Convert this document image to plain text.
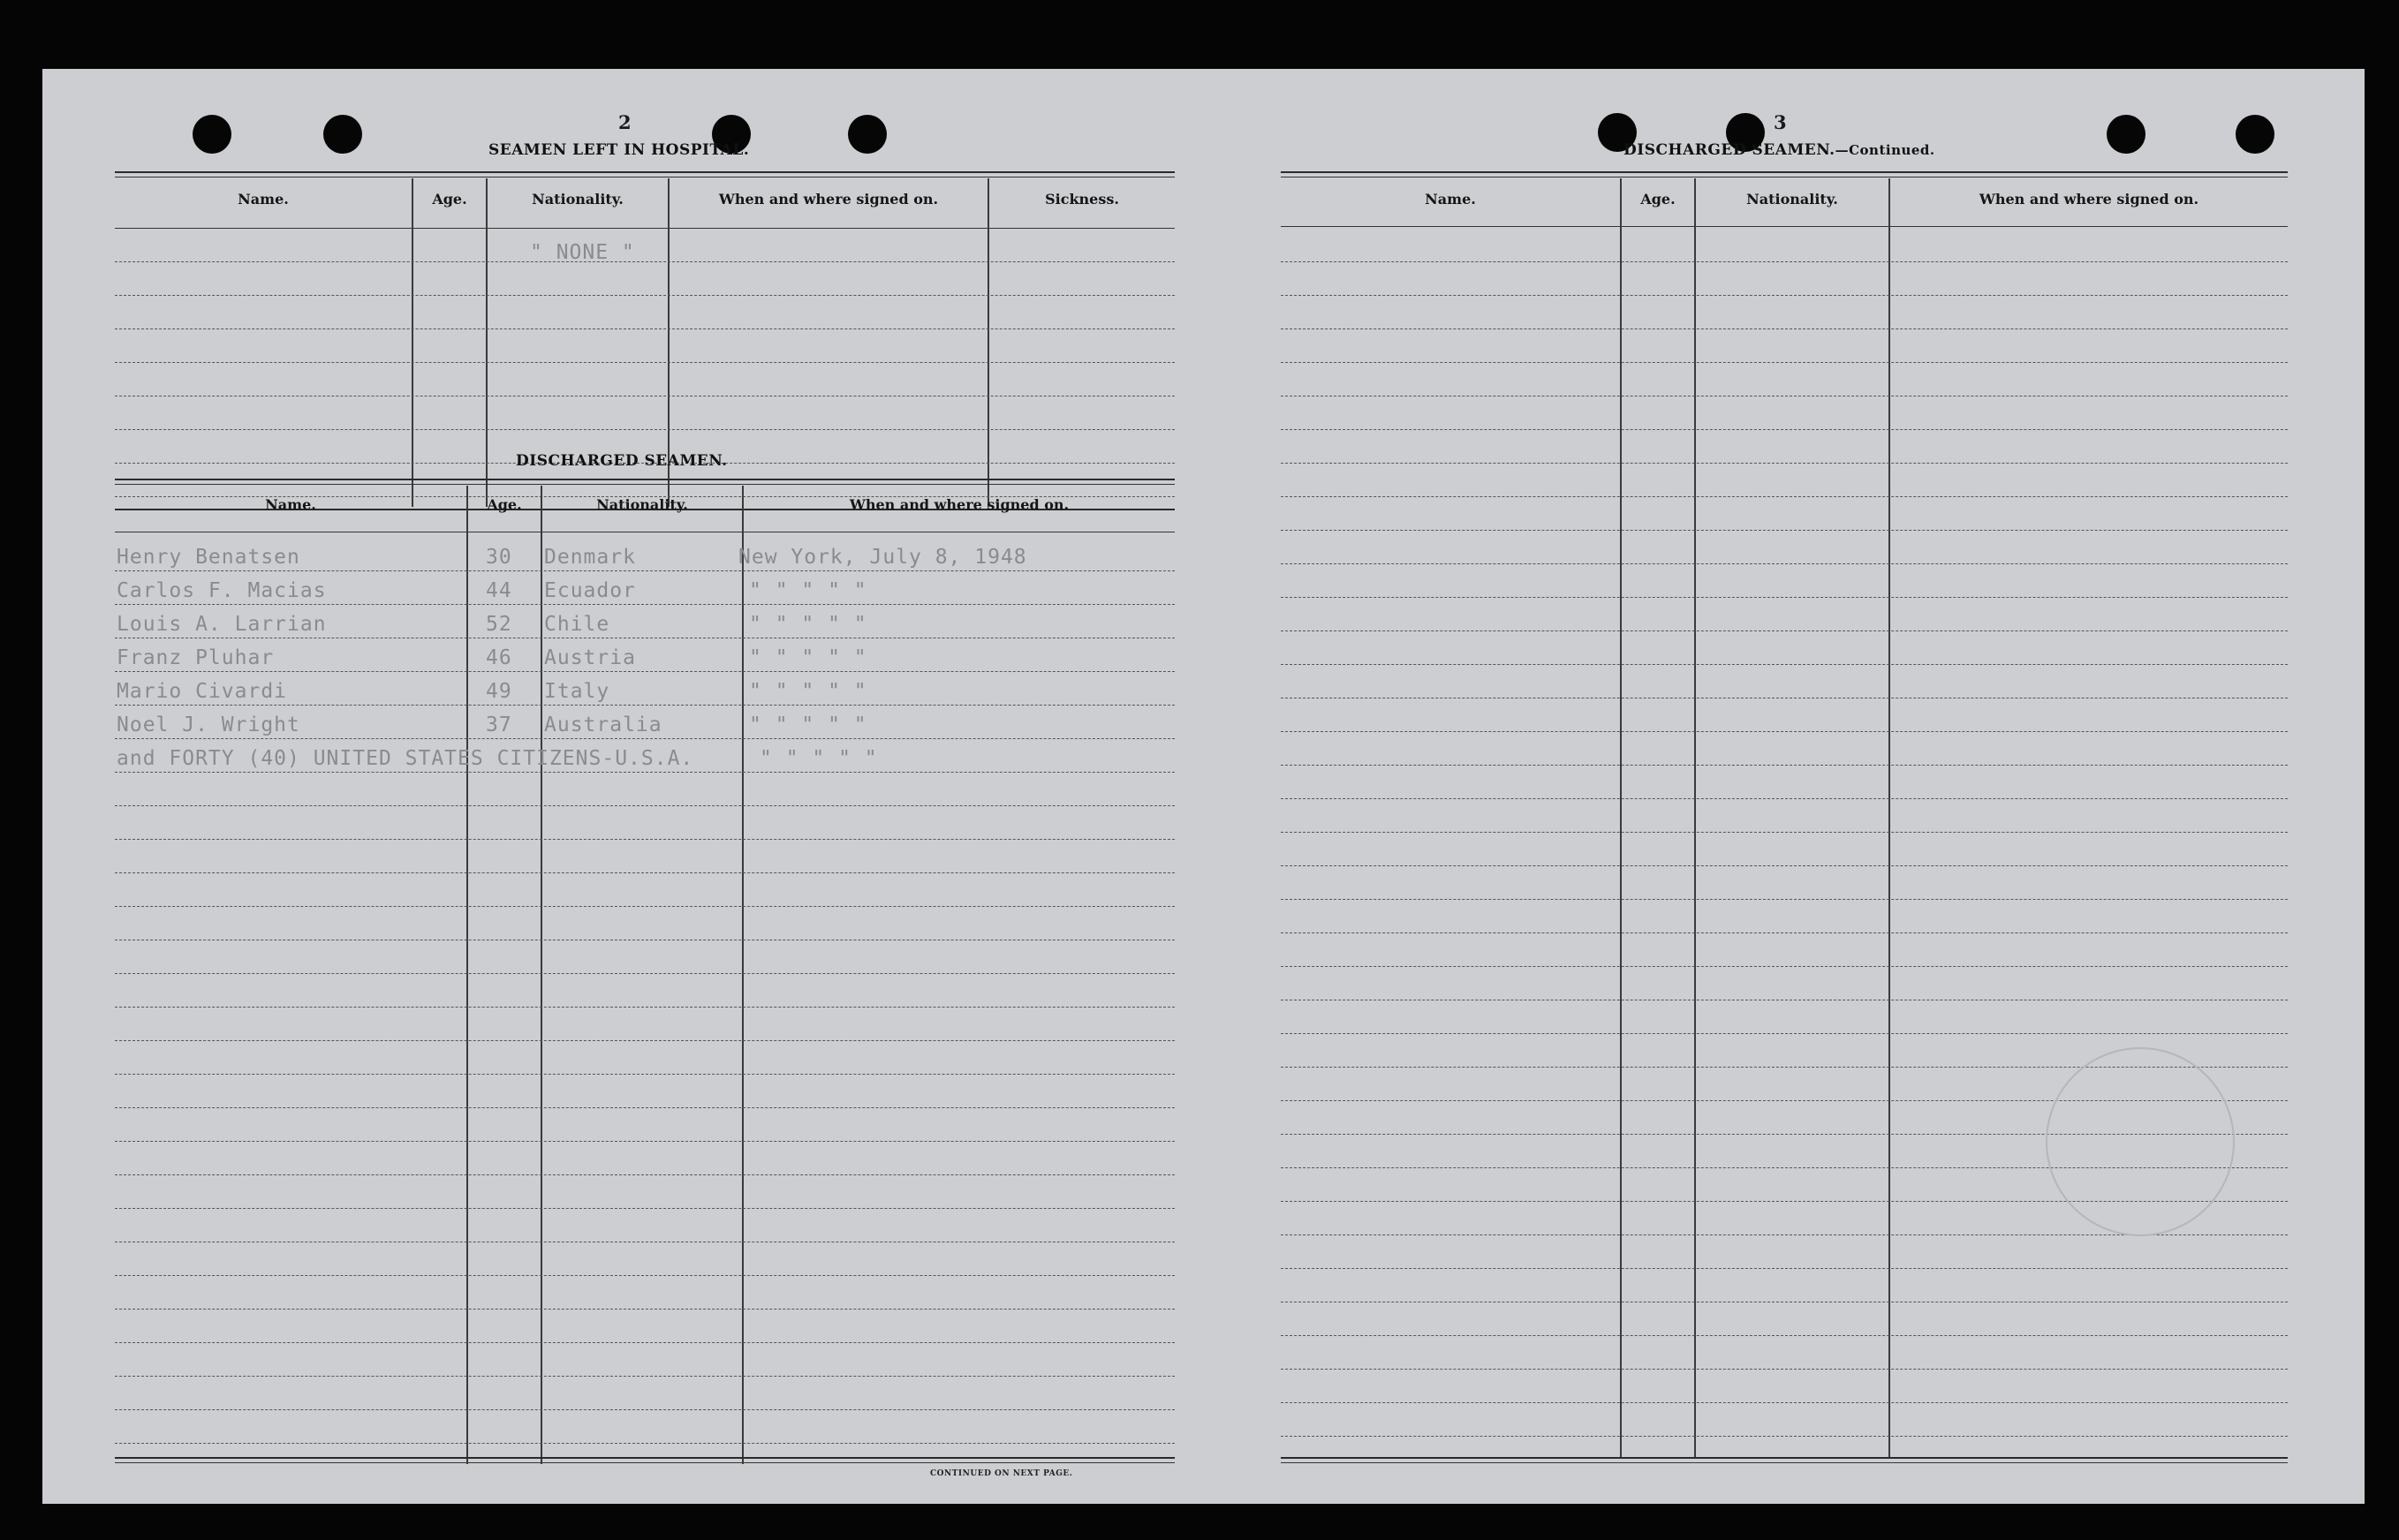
2
SEAMEN LEFT IN HOSPITAL.
Name.	Age.	Nationality.	When and where signed on.	Sickness.
" NONE "
DISCHARGED SEAMEN.
Name.	Age.	Nationality.	When and where signed on.
Henry Benatsen	30 Denmark	New York, July 8, 1948
Carlos F. Macias	44 Ecuador	" " " " "
Louis A. Larrian	52 Chile	" " " " "
Franz Pluhar	46 Austria	" " " " "
Mario Civardi	49 Italy	" " " " "
Noel J. Wright	37 Australia	" " " " "
and FORTY (40) UNITED STATES CITIZENS-U.S.A.	" " " " "
CONTINUED ON NEXT PAGE.
3
DISCHARGED SEAMEN.—Continued.
Name.	Age.	Nationality.	When and where signed on.
